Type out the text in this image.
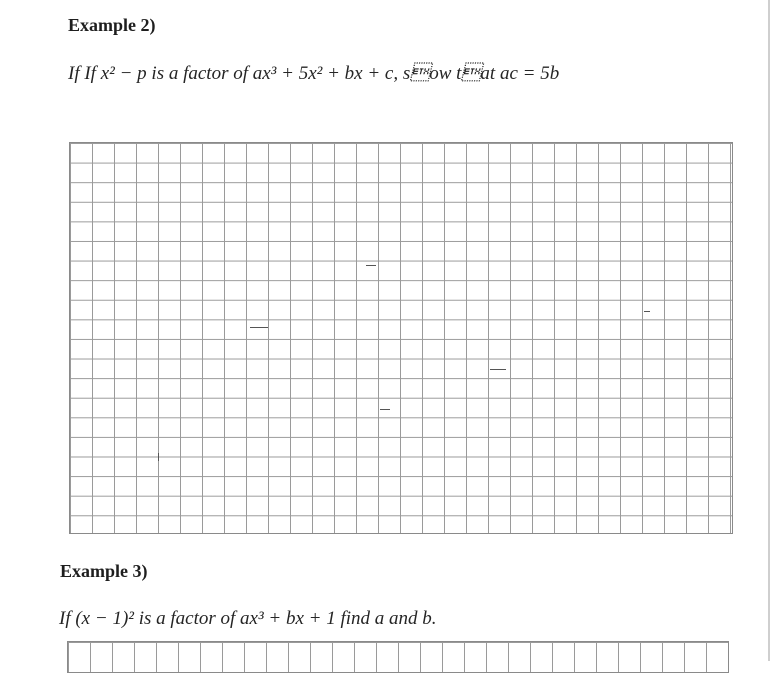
Example 2)
If If x² − p is a factor of ax³ + 5x² + bx + c, sow tat ac = 5b
Example 3)
If (x − 1)² is a factor of ax³ + bx + 1 find a and b.
